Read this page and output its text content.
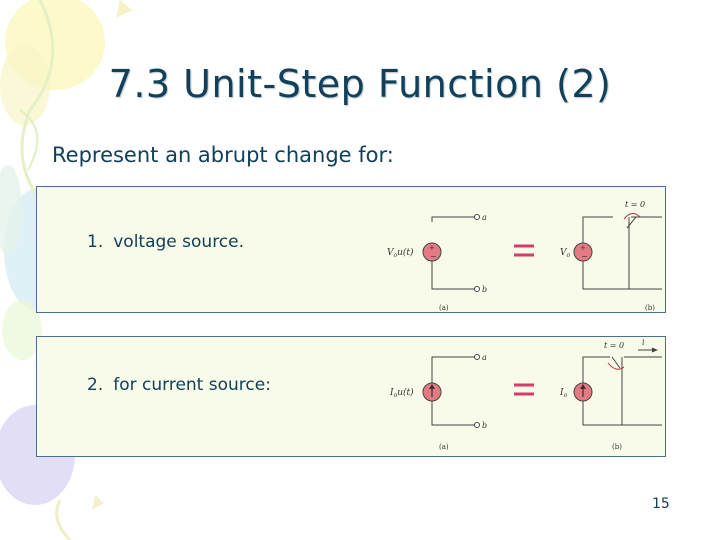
7.3 Unit-Step Function (2)
Represent an abrupt change for:
1. voltage source.	+
−
$V_ou(t)$
a
b
(a)
+
−
$V_o$
t = 0
(b)
2. for current source:	$I_ou(t)$
a
b
(a)
$I_o$
t = 0 i
(b)
15
